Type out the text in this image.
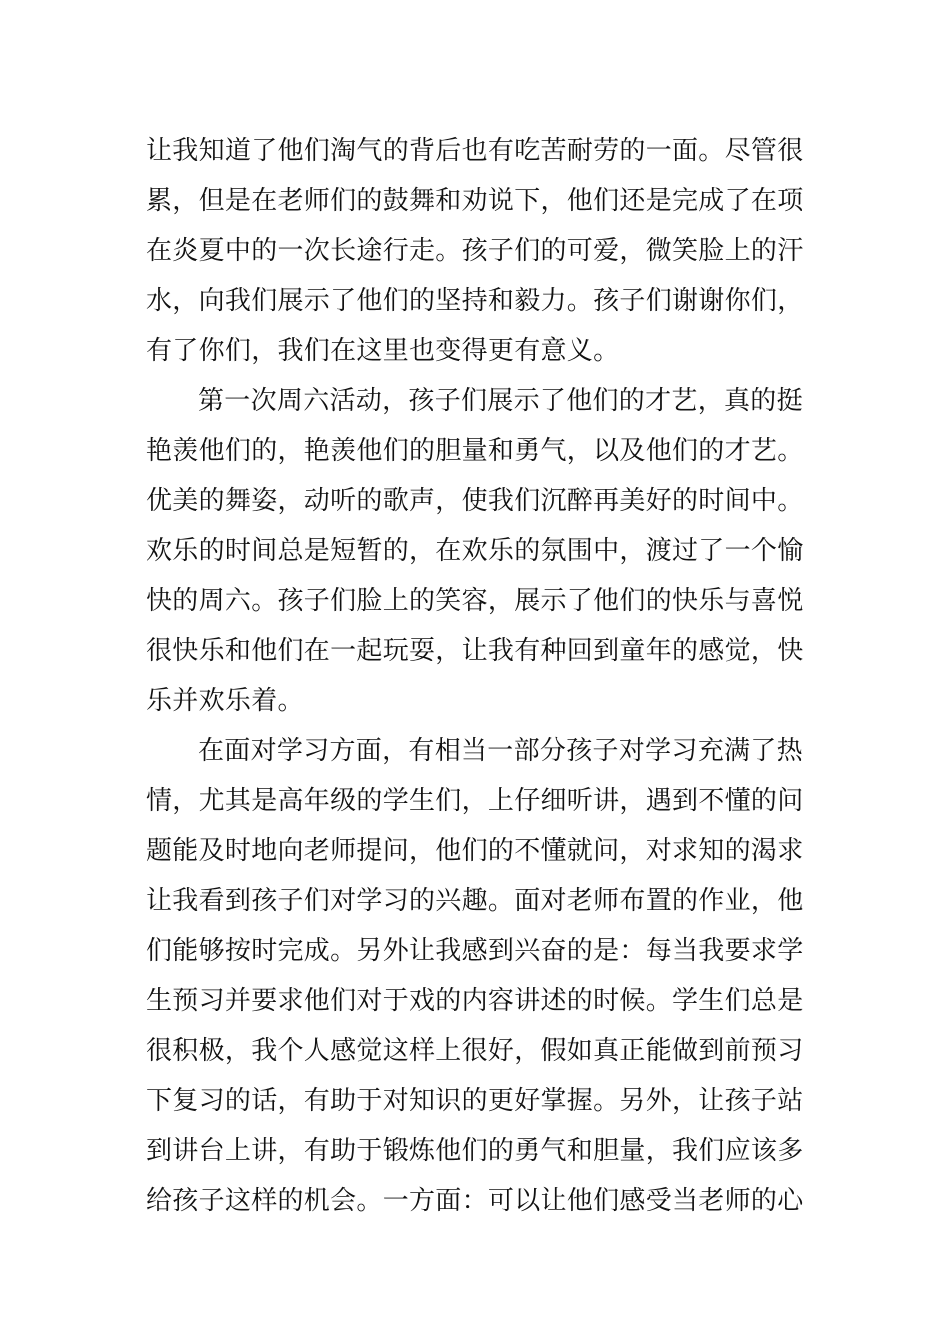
让我知道了他们淘气的背后也有吃苦耐劳的一面。尽管很
累，但是在老师们的鼓舞和劝说下，他们还是完成了在项
在炎夏中的一次长途行走。孩子们的可爱，微笑脸上的汗
水，向我们展示了他们的坚持和毅力。孩子们谢谢你们，
有了你们，我们在这里也变得更有意义。
第一次周六活动，孩子们展示了他们的才艺，真的挺
艳羡他们的，艳羡他们的胆量和勇气，以及他们的才艺。
优美的舞姿，动听的歌声，使我们沉醉再美好的时间中。
欢乐的时间总是短暂的，在欢乐的氛围中，渡过了一个愉
快的周六。孩子们脸上的笑容，展示了他们的快乐与喜悦
很快乐和他们在一起玩耍，让我有种回到童年的感觉，快
乐并欢乐着。
在面对学习方面，有相当一部分孩子对学习充满了热
情，尤其是高年级的学生们，上仔细听讲，遇到不懂的问
题能及时地向老师提问，他们的不懂就问，对求知的渴求
让我看到孩子们对学习的兴趣。面对老师布置的作业，他
们能够按时完成。另外让我感到兴奋的是：每当我要求学
生预习并要求他们对于戏的内容讲述的时候。学生们总是
很积极，我个人感觉这样上很好，假如真正能做到前预习
下复习的话，有助于对知识的更好掌握。另外，让孩子站
到讲台上讲，有助于锻炼他们的勇气和胆量，我们应该多
给孩子这样的机会。一方面：可以让他们感受当老师的心
